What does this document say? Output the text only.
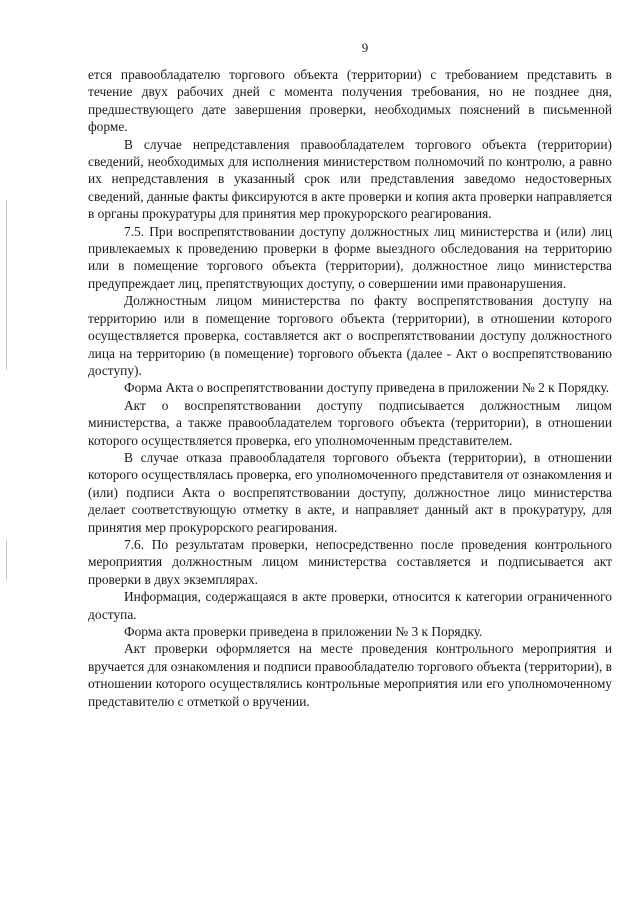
9

ется правообладателю торгового объекта (территории) с требованием представить в течение двух рабочих дней с момента получения требования, но не позднее дня, предшествующего дате завершения проверки, необходимых пояснений в письменной форме.

В случае непредставления правообладателем торгового объекта (территории) сведений, необходимых для исполнения министерством полномочий по контролю, а равно их непредставления в указанный срок или представления заведомо недостоверных сведений, данные факты фиксируются в акте проверки и копия акта проверки направляется в органы прокуратуры для принятия мер прокурорского реагирования.

7.5. При воспрепятствовании доступу должностных лиц министерства и (или) лиц привлекаемых к проведению проверки в форме выездного обследования на территорию или в помещение торгового объекта (территории), должностное лицо министерства предупреждает лиц, препятствующих доступу, о совершении ими правонарушения.

Должностным лицом министерства по факту воспрепятствования доступу на территорию или в помещение торгового объекта (территории), в отношении которого осуществляется проверка, составляется акт о воспрепятствовании доступу должностного лица на территорию (в помещение) торгового объекта (далее - Акт о воспрепятствованию доступу).

Форма Акта о воспрепятствовании доступу приведена в приложении № 2 к Порядку.

Акт о воспрепятствовании доступу подписывается должностным лицом министерства, а также правообладателем торгового объекта (территории), в отношении которого осуществляется проверка, его уполномоченным представителем.

В случае отказа правообладателя торгового объекта (территории), в отношении которого осуществлялась проверка, его уполномоченного представителя от ознакомления и (или) подписи Акта о воспрепятствовании доступу, должностное лицо министерства делает соответствующую отметку в акте, и направляет данный акт в прокуратуру, для принятия мер прокурорского реагирования.

7.6. По результатам проверки, непосредственно после проведения контрольного мероприятия должностным лицом министерства составляется и подписывается акт проверки в двух экземплярах.

Информация, содержащаяся в акте проверки, относится к категории ограниченного доступа.

Форма акта проверки приведена в приложении № 3 к Порядку.

Акт проверки оформляется на месте проведения контрольного мероприятия и вручается для ознакомления и подписи правообладателю торгового объекта (территории), в отношении которого осуществлялись контрольные мероприятия или его уполномоченному представителю с отметкой о вручении.
